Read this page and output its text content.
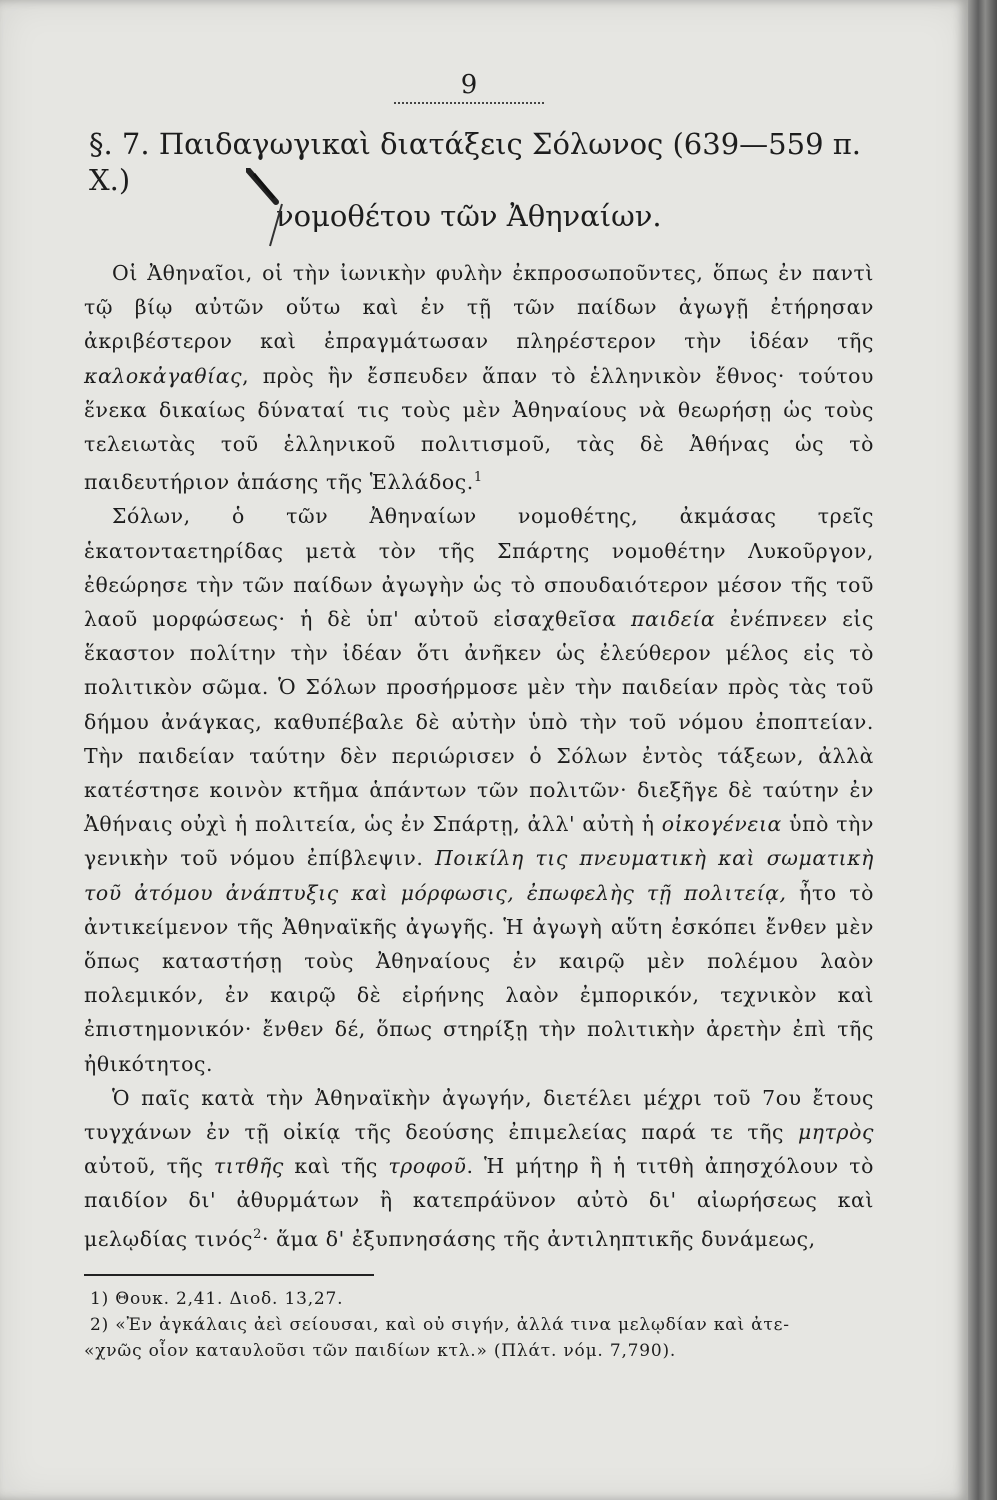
9
§. 7. Παιδαγωγικαὶ διατάξεις Σόλωνος (639—559 π. Χ.)
νομοθέτου τῶν Ἀθηναίων.

Οἱ Ἀθηναῖοι, οἱ τὴν ἰωνικὴν φυλὴν ἐκπροσωποῦντες, ὅπως ἐν παντὶ τῷ βίῳ αὐτῶν οὕτω καὶ ἐν τῇ τῶν παίδων ἀγωγῇ ἐτήρησαν ἀκριβέστερον καὶ ἐπραγμάτωσαν πληρέστερον τὴν ἰδέαν τῆς καλοκἀγαθίας, πρὸς ἣν ἔσπευδεν ἅπαν τὸ ἑλληνικὸν ἔθνος· τούτου ἕνεκα δικαίως δύναταί τις τοὺς μὲν Ἀθηναίους νὰ θεωρήσῃ ὡς τοὺς τελειωτὰς τοῦ ἑλληνικοῦ πολιτισμοῦ, τὰς δὲ Ἀθήνας ὡς τὸ παιδευτήριον ἁπάσης τῆς Ἑλλάδος.$^1$

Σόλων, ὁ τῶν Ἀθηναίων νομοθέτης, ἀκμάσας τρεῖς ἑκατονταετηρίδας μετὰ τὸν τῆς Σπάρτης νομοθέτην Λυκοῦργον, ἐθεώρησε τὴν τῶν παίδων ἀγωγὴν ὡς τὸ σπουδαιότερον μέσον τῆς τοῦ λαοῦ μορφώσεως· ἡ δὲ ὑπ' αὐτοῦ εἰσαχθεῖσα παιδεία ἐνέπνεεν εἰς ἕκαστον πολίτην τὴν ἰδέαν ὅτι ἀνῆκεν ὡς ἐλεύθερον μέλος εἰς τὸ πολιτικὸν σῶμα. Ὁ Σόλων προσήρμοσε μὲν τὴν παιδείαν πρὸς τὰς τοῦ δήμου ἀνάγκας, καθυπέβαλε δὲ αὐτὴν ὑπὸ τὴν τοῦ νόμου ἐποπτείαν. Τὴν παιδείαν ταύτην δὲν περιώρισεν ὁ Σόλων ἐντὸς τάξεων, ἀλλὰ κατέστησε κοινὸν κτῆμα ἁπάντων τῶν πολιτῶν· διεξῆγε δὲ ταύτην ἐν Ἀθήναις οὐχὶ ἡ πολιτεία, ὡς ἐν Σπάρτῃ, ἀλλ' αὐτὴ ἡ οἰκογένεια ὑπὸ τὴν γενικὴν τοῦ νόμου ἐπίβλεψιν. Ποικίλη τις πνευματικὴ καὶ σωματικὴ τοῦ ἀτόμου ἀνάπτυξις καὶ μόρφωσις, ἐπωφελὴς τῇ πολιτείᾳ, ἦτο τὸ ἀντικείμενον τῆς Ἀθηναϊκῆς ἀγωγῆς. Ἡ ἀγωγὴ αὕτη ἐσκόπει ἔνθεν μὲν ὅπως καταστήσῃ τοὺς Ἀθηναίους ἐν καιρῷ μὲν πολέμου λαὸν πολεμικόν, ἐν καιρῷ δὲ εἰρήνης λαὸν ἐμπορικόν, τεχνικὸν καὶ ἐπιστημονικόν· ἔνθεν δέ, ὅπως στηρίξῃ τὴν πολιτικὴν ἀρετὴν ἐπὶ τῆς ἠθικότητος.

Ὁ παῖς κατὰ τὴν Ἀθηναϊκὴν ἀγωγήν, διετέλει μέχρι τοῦ 7ου ἔτους τυγχάνων ἐν τῇ οἰκίᾳ τῆς δεούσης ἐπιμελείας παρά τε τῆς μητρὸς αὐτοῦ, τῆς τιτθῆς καὶ τῆς τροφοῦ. Ἡ μήτηρ ἢ ἡ τιτθὴ ἀπησχόλουν τὸ παιδίον δι' ἀθυρμάτων ἢ κατεπράϋνον αὐτὸ δι' αἰωρήσεως καὶ μελῳδίας τινός$^2$· ἅμα δ' ἐξυπνησάσης τῆς ἀντιληπτικῆς δυνάμεως,

1) Θουκ. 2,41. Διοδ. 13,27.
2) «Ἐν ἀγκάλαις ἀεὶ σείουσαι, καὶ οὐ σιγήν, ἀλλά τινα μελῳδίαν καὶ ἀτε-
«χνῶς οἷον καταυλοῦσι τῶν παιδίων κτλ.» (Πλάτ. νόμ. 7,790).
